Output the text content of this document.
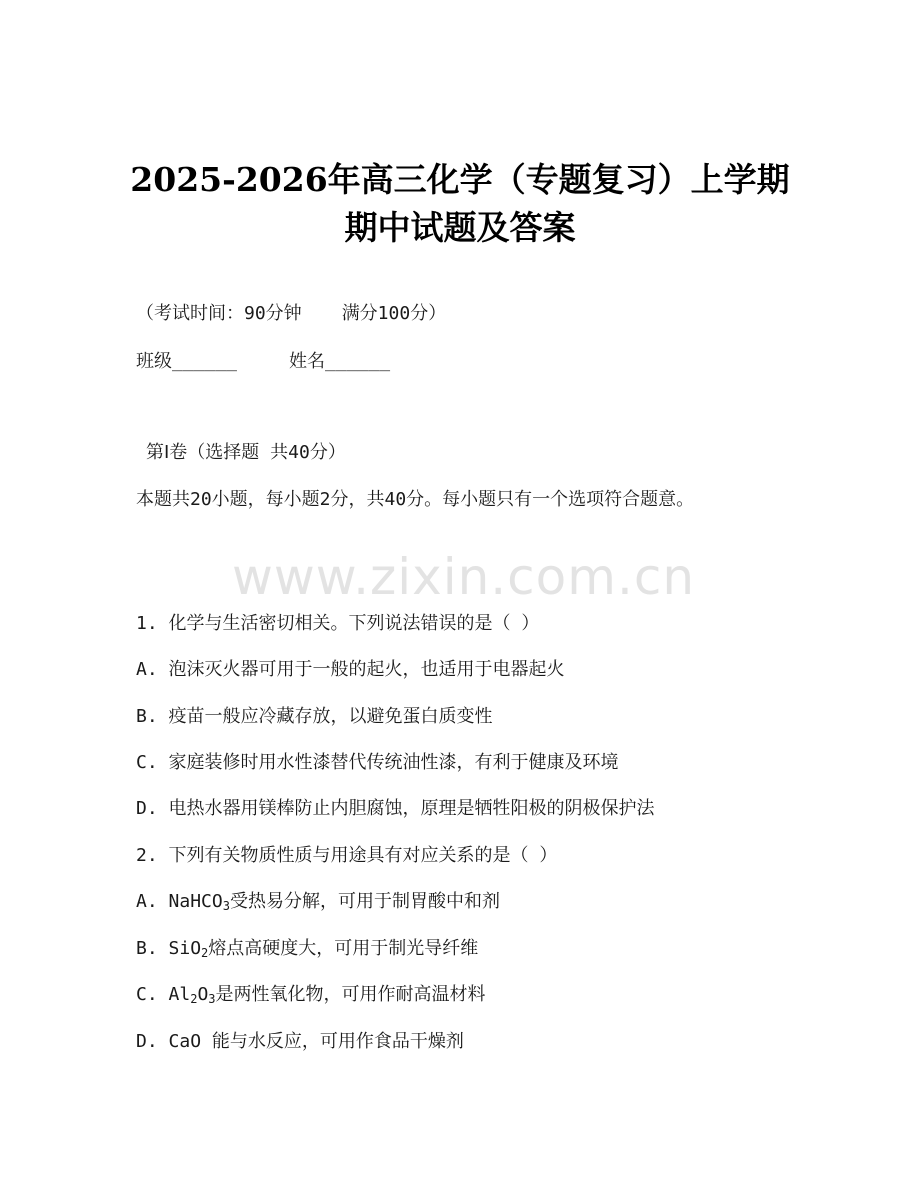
2025-2026年高三化学（专题复习）上学期
期中试题及答案
（考试时间：90分钟 满分100分）
班级______	姓名______
第Ⅰ卷（选择题 共40分）
本题共20小题，每小题2分，共40分。每小题只有一个选项符合题意。
www.zixin.com.cn
1. 化学与生活密切相关。下列说法错误的是（ ）
A. 泡沫灭火器可用于一般的起火，也适用于电器起火
B. 疫苗一般应冷藏存放，以避免蛋白质变性
C. 家庭装修时用水性漆替代传统油性漆，有利于健康及环境
D. 电热水器用镁棒防止内胆腐蚀，原理是牺牲阳极的阴极保护法
2. 下列有关物质性质与用途具有对应关系的是（ ）
A. NaHCO$_3$受热易分解，可用于制胃酸中和剂
B. SiO$_2$熔点高硬度大，可用于制光导纤维
C. $Al_2O_3$是两性氧化物，可用作耐高温材料
D. CaO 能与水反应，可用作食品干燥剂
